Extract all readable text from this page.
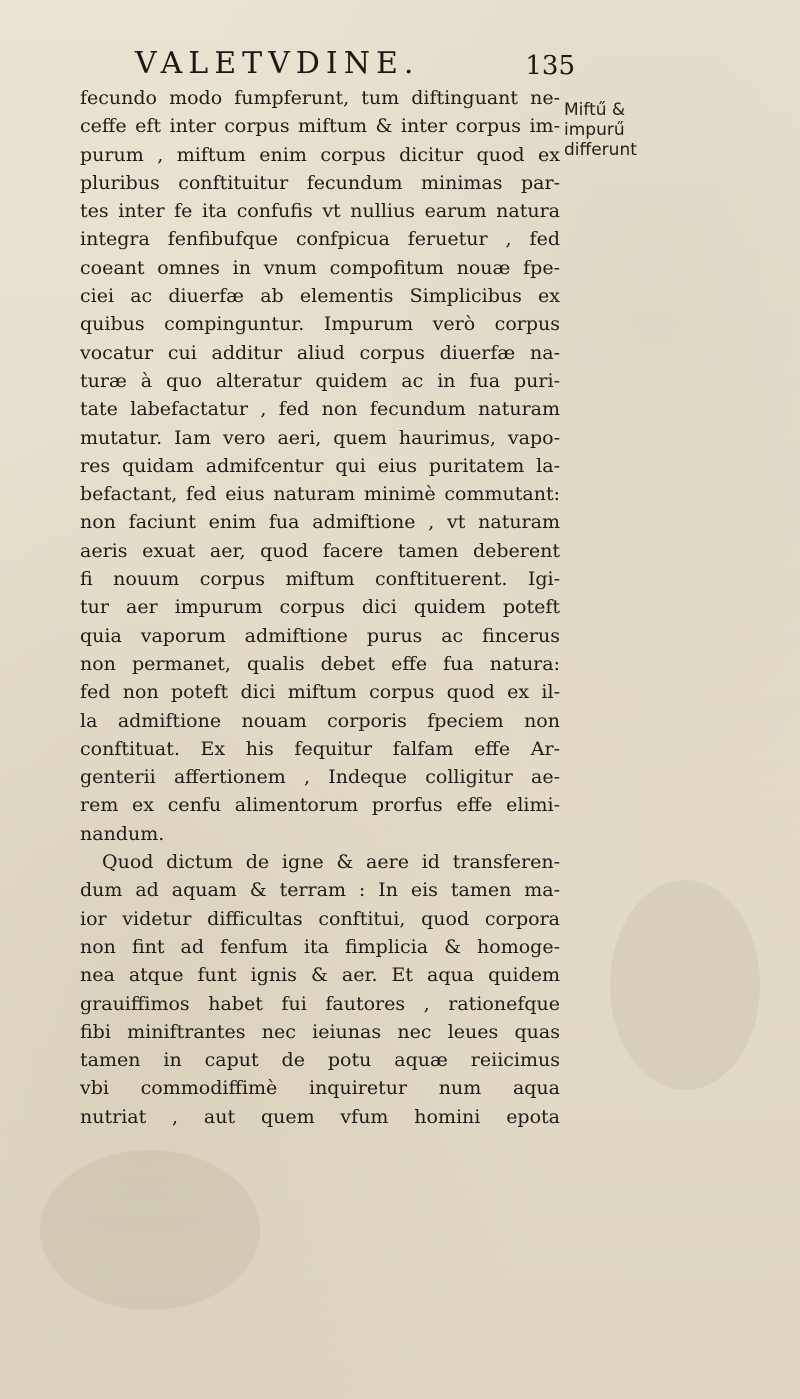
VALETVDINE.	135
Miftű &
impurű
differunt
fecundo modo fumpferunt, tum diftinguant ne-
ceffe eft inter corpus miftum & inter corpus im-
purum , miftum enim corpus dicitur quod ex
pluribus conftituitur fecundum minimas par-
tes inter fe ita confufis vt nullius earum natura
integra fenfibufque confpicua feruetur , fed
coeant omnes in vnum compofitum nouæ fpe-
ciei ac diuerfæ ab elementis Simplicibus ex
quibus compinguntur. Impurum verò corpus
vocatur cui additur aliud corpus diuerfæ na-
turæ à quo alteratur quidem ac in fua puri-
tate labefactatur , fed non fecundum naturam
mutatur. Iam vero aeri, quem haurimus, vapo-
res quidam admifcentur qui eius puritatem la-
befactant, fed eius naturam minimè commutant:
non faciunt enim fua admiftione , vt naturam
aeris exuat aer, quod facere tamen deberent
fi nouum corpus miftum conftituerent. Igi-
tur aer impurum corpus dici quidem poteft
quia vaporum admiftione purus ac fincerus
non permanet, qualis debet effe fua natura:
fed non poteft dici miftum corpus quod ex il-
la admiftione nouam corporis fpeciem non
conftituat. Ex his fequitur falfam effe Ar-
genterii affertionem , Indeque colligitur ae-
rem ex cenfu alimentorum prorfus effe elimi-
nandum.
Quod dictum de igne & aere id transferen-
dum ad aquam & terram : In eis tamen ma-
ior videtur difficultas conftitui, quod corpora
non fint ad fenfum ita fimplicia & homoge-
nea atque funt ignis & aer. Et aqua quidem
grauiffimos habet fui fautores , rationefque
fibi miniftrantes nec ieiunas nec leues quas
tamen in caput de potu aquæ reiicimus
vbi commodiffimè inquiretur num aqua
nutriat , aut quem vfum homini epota
